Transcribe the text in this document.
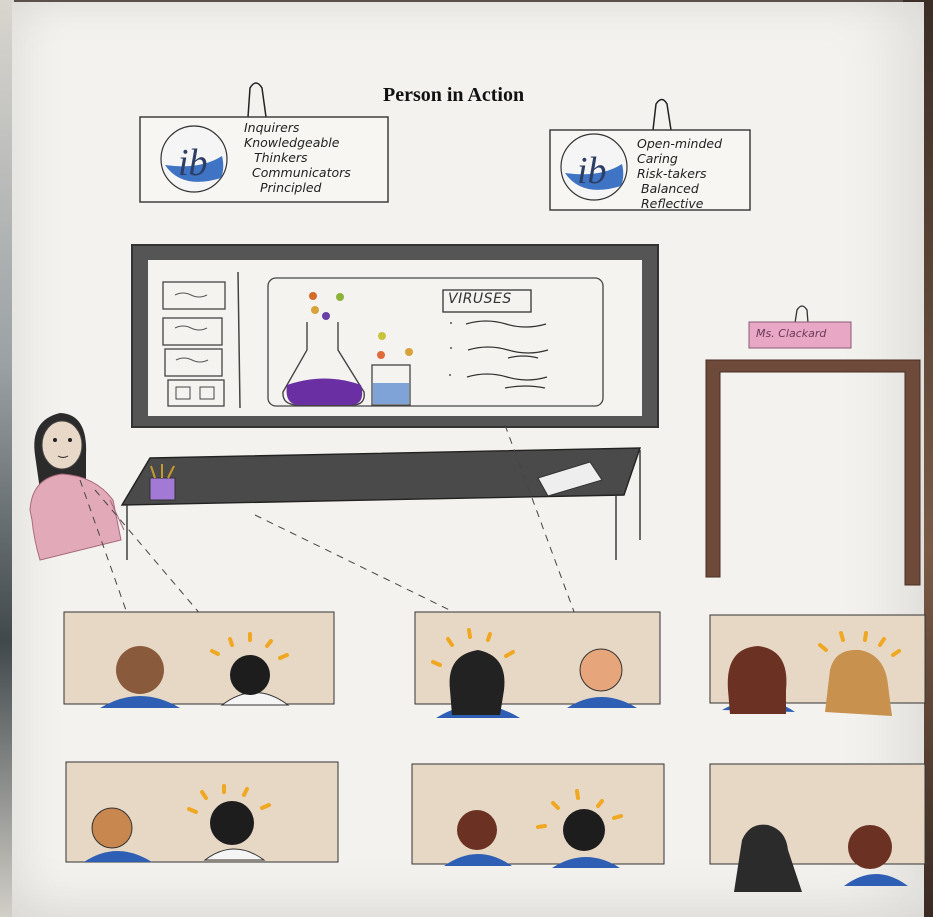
ib	ib
Person in Action
Inquirers
Knowledgeable
Thinkers
Communicators
Principled
Open-minded
Caring
Risk-takers
Balanced
Reflective
VIRUSES
Ms. Clackard
